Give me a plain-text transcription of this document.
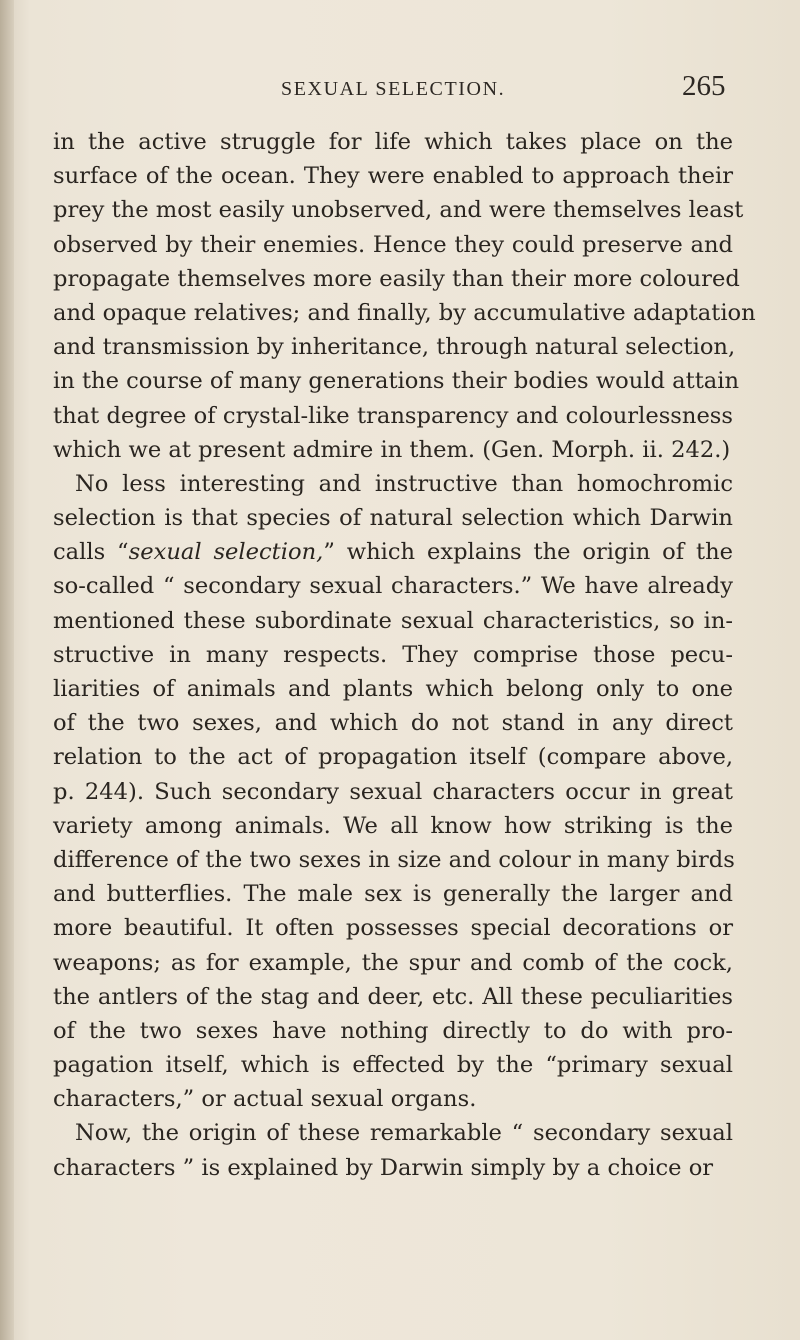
SEXUAL SELECTION.	265
in the active struggle for life which takes place on the
surface of the ocean. They were enabled to approach their
prey the most easily unobserved, and were themselves least
observed by their enemies. Hence they could preserve and
propagate themselves more easily than their more coloured
and opaque relatives; and finally, by accumulative adaptation
and transmission by inheritance, through natural selection,
in the course of many generations their bodies would attain
that degree of crystal-like transparency and colourlessness
which we at present admire in them. (Gen. Morph. ii. 242.)
No less interesting and instructive than homochromic
selection is that species of natural selection which Darwin
calls “sexual selection,” which explains the origin of the
so-called “ secondary sexual characters.” We have already
mentioned these subordinate sexual characteristics, so in-
structive in many respects. They comprise those pecu-
liarities of animals and plants which belong only to one
of the two sexes, and which do not stand in any direct
relation to the act of propagation itself (compare above,
p. 244). Such secondary sexual characters occur in great
variety among animals. We all know how striking is the
difference of the two sexes in size and colour in many birds
and butterflies. The male sex is generally the larger and
more beautiful. It often possesses special decorations or
weapons; as for example, the spur and comb of the cock,
the antlers of the stag and deer, etc. All these peculiarities
of the two sexes have nothing directly to do with pro-
pagation itself, which is effected by the “primary sexual
characters,” or actual sexual organs.
Now, the origin of these remarkable “ secondary sexual
characters ” is explained by Darwin simply by a choice or
